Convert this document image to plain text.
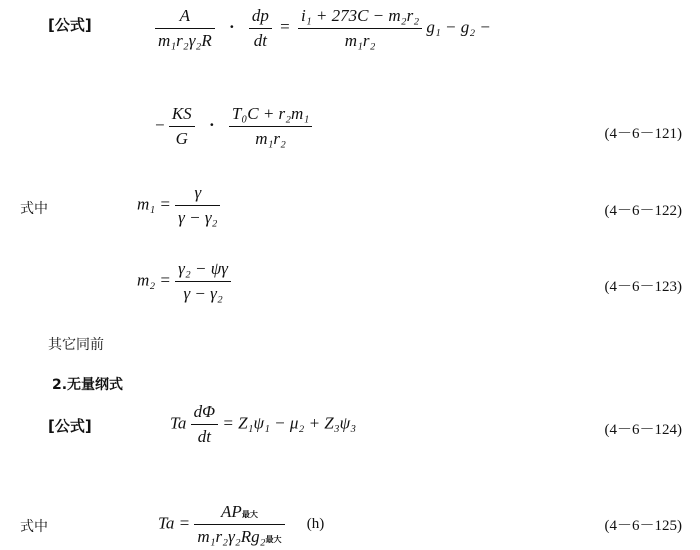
[公式]	$\frac{A}{\text{m₁r₂γ₂R}} \cdot \frac{dp}{dt} = \frac{\text{i₁ + 273C − m₂r₂}}{\text{m₁r₂}} g_1 - g_2$ −
− $\frac{KS}{G} \cdot \frac{\text{T₀C + r₂m₁}}{\text{m₁r₂}}$	(4－6－121)
式中	$m_1 = \frac{\gamma}{\text{γ − γ₂}}$	(4－6－122)
$m_2 = \frac{\text{γ₂ − ψγ}}{\text{γ − γ₂}}$	(4－6－123)
其它同前
2.无量纲式
[公式]	Ta $\frac{d\Phi}{dt} = Z_1\psi_1 - \mu_2 + Z_3\psi_3$	(4－6－124)
式中	$Ta = \frac{\text{AP最大}}{\text{m₁r₂γ₂Rg₂最大}} (h)$	(4－6－125)
